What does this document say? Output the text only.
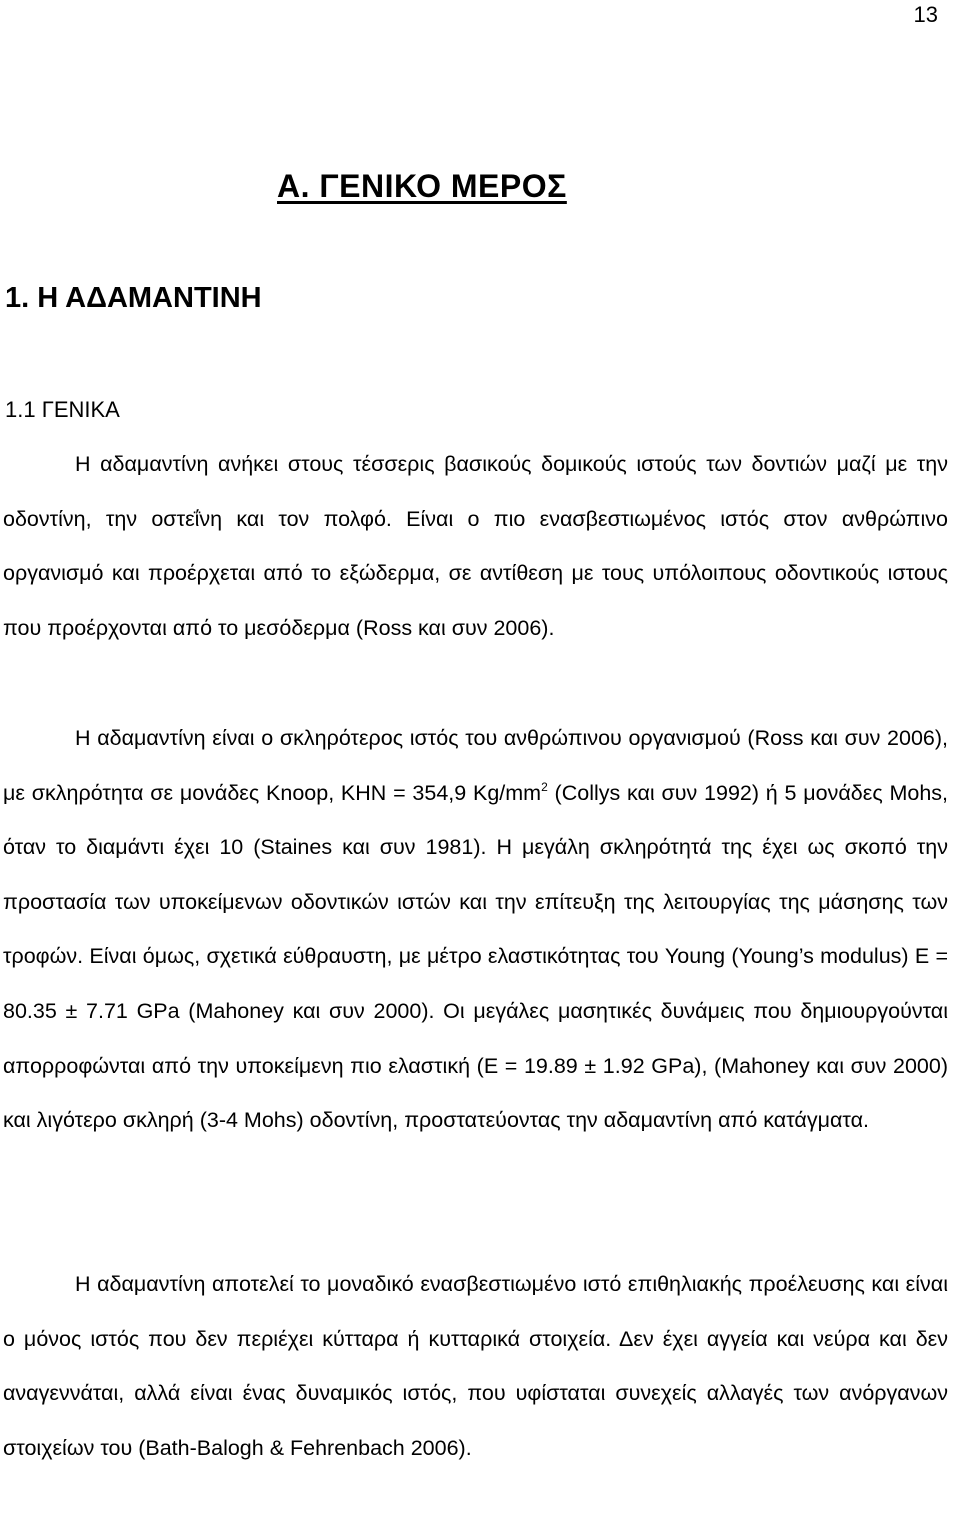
13
Α. ΓΕΝΙΚΟ ΜΕΡΟΣ
1. Η ΑΔΑΜΑΝΤΙΝΗ
1.1 ΓΕΝΙΚΑ

Η αδαμαντίνη ανήκει στους τέσσερις βασικούς δομικούς ιστούς των δοντιών μαζί με την οδοντίνη, την οστεΐνη και τον πολφό. Είναι ο πιο ενασβεστιωμένος ιστός στον ανθρώπινο οργανισμό και προέρχεται από το εξώδερμα, σε αντίθεση με τους υπόλοιπους οδοντικούς ιστους που προέρχονται από το μεσόδερμα (Ross και συν 2006).

Η αδαμαντίνη είναι ο σκληρότερος ιστός του ανθρώπινου οργανισμού (Ross και συν 2006), με σκληρότητα σε μονάδες Knoop, KHN = 354,9 $Kg/mm^2$ (Collys και συν 1992) ή 5 μονάδες Mohs, όταν το διαμάντι έχει 10 (Staines και συν 1981). Η μεγάλη σκληρότητά της έχει ως σκοπό την προστασία των υποκείμενων οδοντικών ιστών και την επίτευξη της λειτουργίας της μάσησης των τροφών. Είναι όμως, σχετικά εύθραυστη, με μέτρο ελαστικότητας του Young (Young’s modulus) E = 80.35 ± 7.71 GPa (Mahoney και συν 2000). Οι μεγάλες μασητικές δυνάμεις που δημιουργούνται απορροφώνται από την υποκείμενη πιο ελαστική (E = 19.89 ± 1.92 GPa), (Mahoney και συν 2000) και λιγότερο σκληρή (3-4 Mohs) οδοντίνη, προστατεύοντας την αδαμαντίνη από κατάγματα.

Η αδαμαντίνη αποτελεί το μοναδικό ενασβεστιωμένο ιστό επιθηλιακής προέλευσης και είναι ο μόνος ιστός που δεν περιέχει κύτταρα ή κυτταρικά στοιχεία. Δεν έχει αγγεία και νεύρα και δεν αναγεννάται, αλλά είναι ένας δυναμικός ιστός, που υφίσταται συνεχείς αλλαγές των ανόργανων στοιχείων του (Bath-Balogh & Fehrenbach 2006).
